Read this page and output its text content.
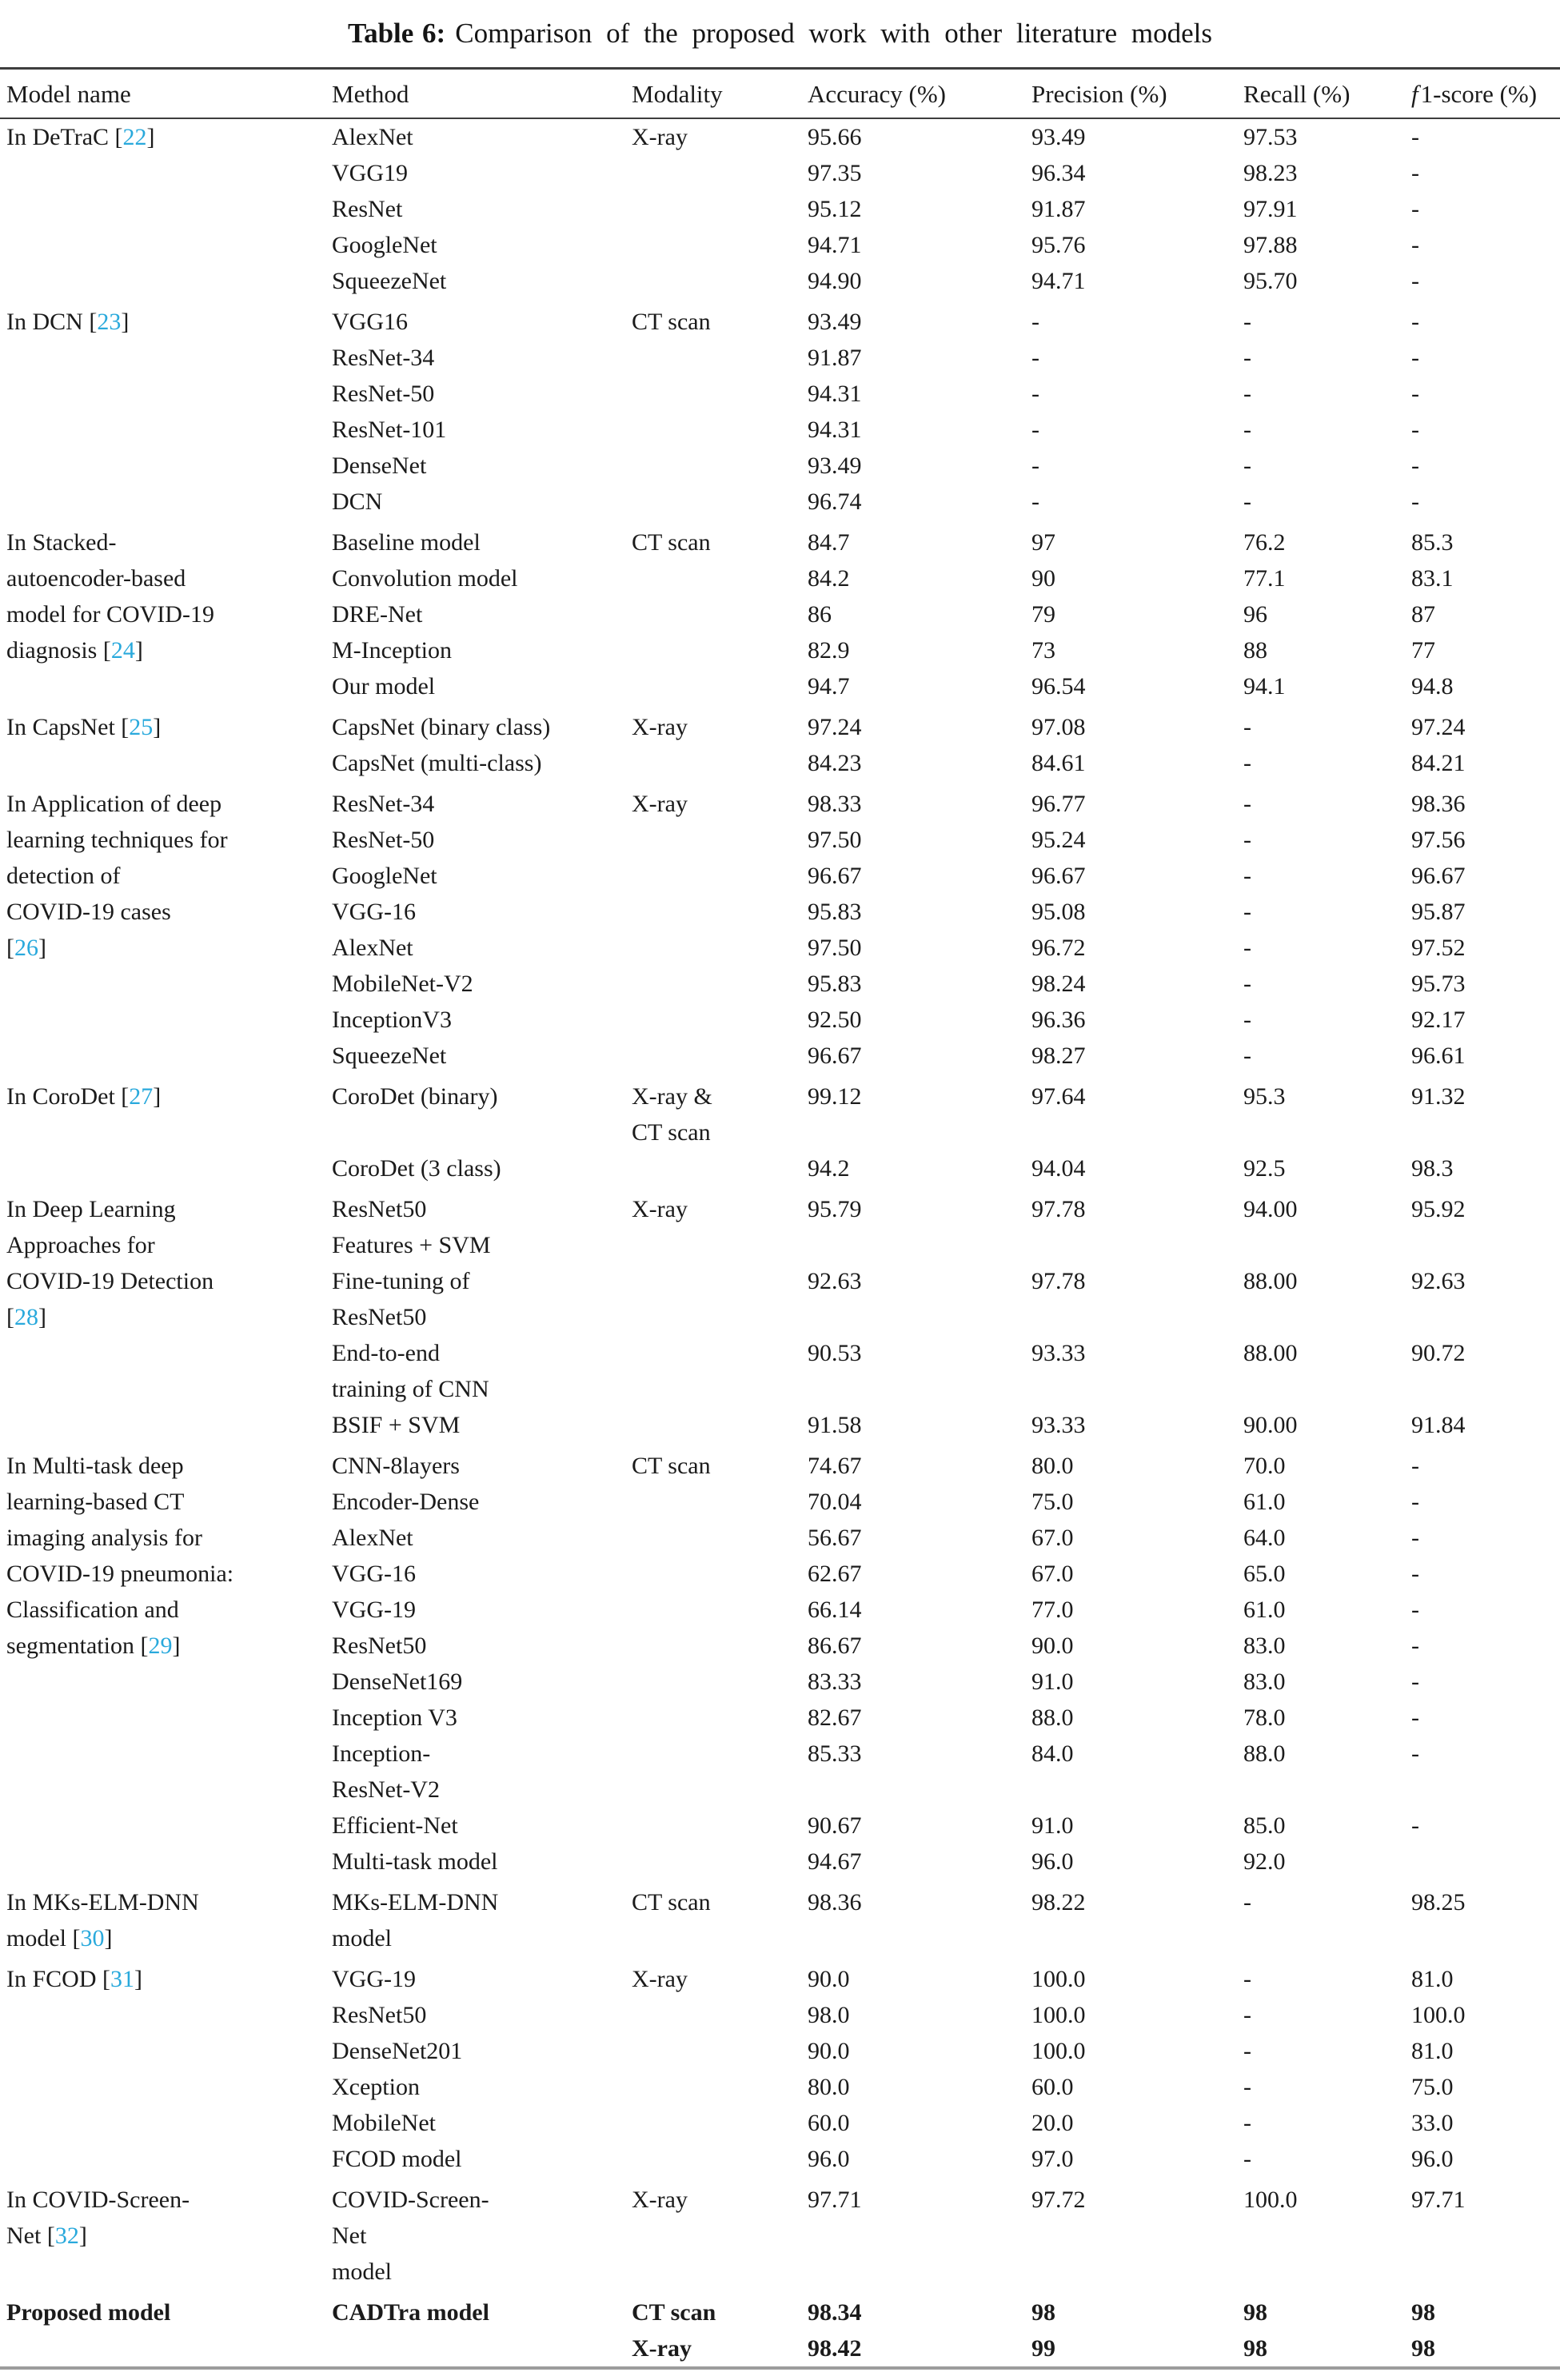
Table 6: Comparison of the proposed work with other literature models
Model name	Method	Modality	Accuracy (%)	Precision (%)	Recall (%)	f1-score (%)
In DeTraC [22]	AlexNet	X-ray	95.66	93.49	97.53	-
	VGG19		97.35	96.34	98.23	-
	ResNet		95.12	91.87	97.91	-
	GoogleNet		94.71	95.76	97.88	-
	SqueezeNet		94.90	94.71	95.70	-
In DCN [23]	VGG16	CT scan	93.49	-	-	-
	ResNet-34		91.87	-	-	-
	ResNet-50		94.31	-	-	-
	ResNet-101		94.31	-	-	-
	DenseNet		93.49	-	-	-
	DCN		96.74	-	-	-
In Stacked-	Baseline model	CT scan	84.7	97	76.2	85.3
autoencoder-based	Convolution model		84.2	90	77.1	83.1
model for COVID-19	DRE-Net		86	79	96	87
diagnosis [24]	M-Inception		82.9	73	88	77
	Our model		94.7	96.54	94.1	94.8
In CapsNet [25]	CapsNet (binary class)	X-ray	97.24	97.08	-	97.24
	CapsNet (multi-class)		84.23	84.61	-	84.21
In Application of deep	ResNet-34	X-ray	98.33	96.77	-	98.36
learning techniques for	ResNet-50		97.50	95.24	-	97.56
detection of	GoogleNet		96.67	96.67	-	96.67
COVID-19 cases	VGG-16		95.83	95.08	-	95.87
[26]	AlexNet		97.50	96.72	-	97.52
	MobileNet-V2		95.83	98.24	-	95.73
	InceptionV3		92.50	96.36	-	92.17
	SqueezeNet		96.67	98.27	-	96.61
In CoroDet [27]	CoroDet (binary)	X-ray &	99.12	97.64	95.3	91.32
		CT scan				
	CoroDet (3 class)		94.2	94.04	92.5	98.3
In Deep Learning	ResNet50	X-ray	95.79	97.78	94.00	95.92
Approaches for	Features + SVM					
COVID-19 Detection	Fine-tuning of		92.63	97.78	88.00	92.63
[28]	ResNet50					
	End-to-end		90.53	93.33	88.00	90.72
	training of CNN					
	BSIF + SVM		91.58	93.33	90.00	91.84
In Multi-task deep	CNN-8layers	CT scan	74.67	80.0	70.0	-
learning-based CT	Encoder-Dense		70.04	75.0	61.0	-
imaging analysis for	AlexNet		56.67	67.0	64.0	-
COVID-19 pneumonia:	VGG-16		62.67	67.0	65.0	-
Classification and	VGG-19		66.14	77.0	61.0	-
segmentation [29]	ResNet50		86.67	90.0	83.0	-
	DenseNet169		83.33	91.0	83.0	-
	Inception V3		82.67	88.0	78.0	-
	Inception-		85.33	84.0	88.0	-
	ResNet-V2					
	Efficient-Net		90.67	91.0	85.0	-
	Multi-task model		94.67	96.0	92.0	
In MKs-ELM-DNN	MKs-ELM-DNN	CT scan	98.36	98.22	-	98.25
model [30]	model					
In FCOD [31]	VGG-19	X-ray	90.0	100.0	-	81.0
	ResNet50		98.0	100.0	-	100.0
	DenseNet201		90.0	100.0	-	81.0
	Xception		80.0	60.0	-	75.0
	MobileNet		60.0	20.0	-	33.0
	FCOD model		96.0	97.0	-	96.0
In COVID-Screen-	COVID-Screen-	X-ray	97.71	97.72	100.0	97.71
Net [32]	Net					
	model					
Proposed model	CADTra model	CT scan	98.34	98	98	98
		X-ray	98.42	99	98	98
